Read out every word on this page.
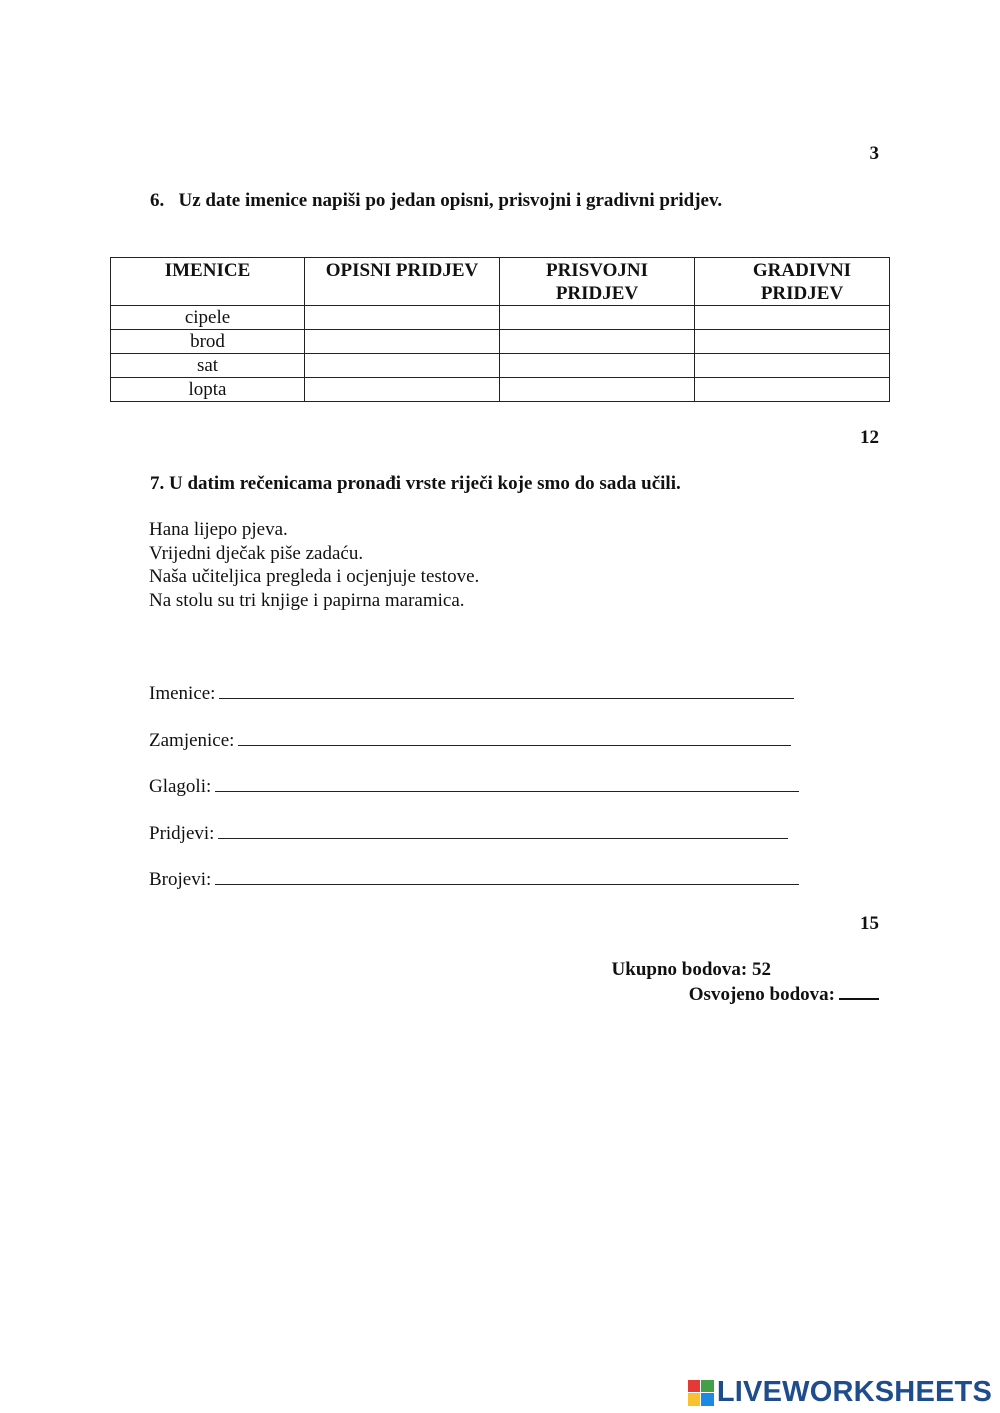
3
6.   Uz date imenice napiši po jedan opisni, prisvojni i gradivni pridjev.
IMENICE	OPISNI PRIDJEV	PRISVOJNI PRIDJEV	GRADIVNI PRIDJEV
cipele			
brod			
sat			
lopta			
12
7. U datim rečenicama pronađi vrste riječi koje smo do sada učili.
Hana lijepo pjeva.
Vrijedni dječak piše zadaću.
Naša učiteljica pregleda i ocjenjuje testove.
Na stolu su tri knjige i papirna maramica.
Imenice:
Zamjenice:
Glagoli:
Pridjevi:
Brojevi:
15
Ukupno bodova: 52
Osvojeno bodova:
LIVEWORKSHEETS
